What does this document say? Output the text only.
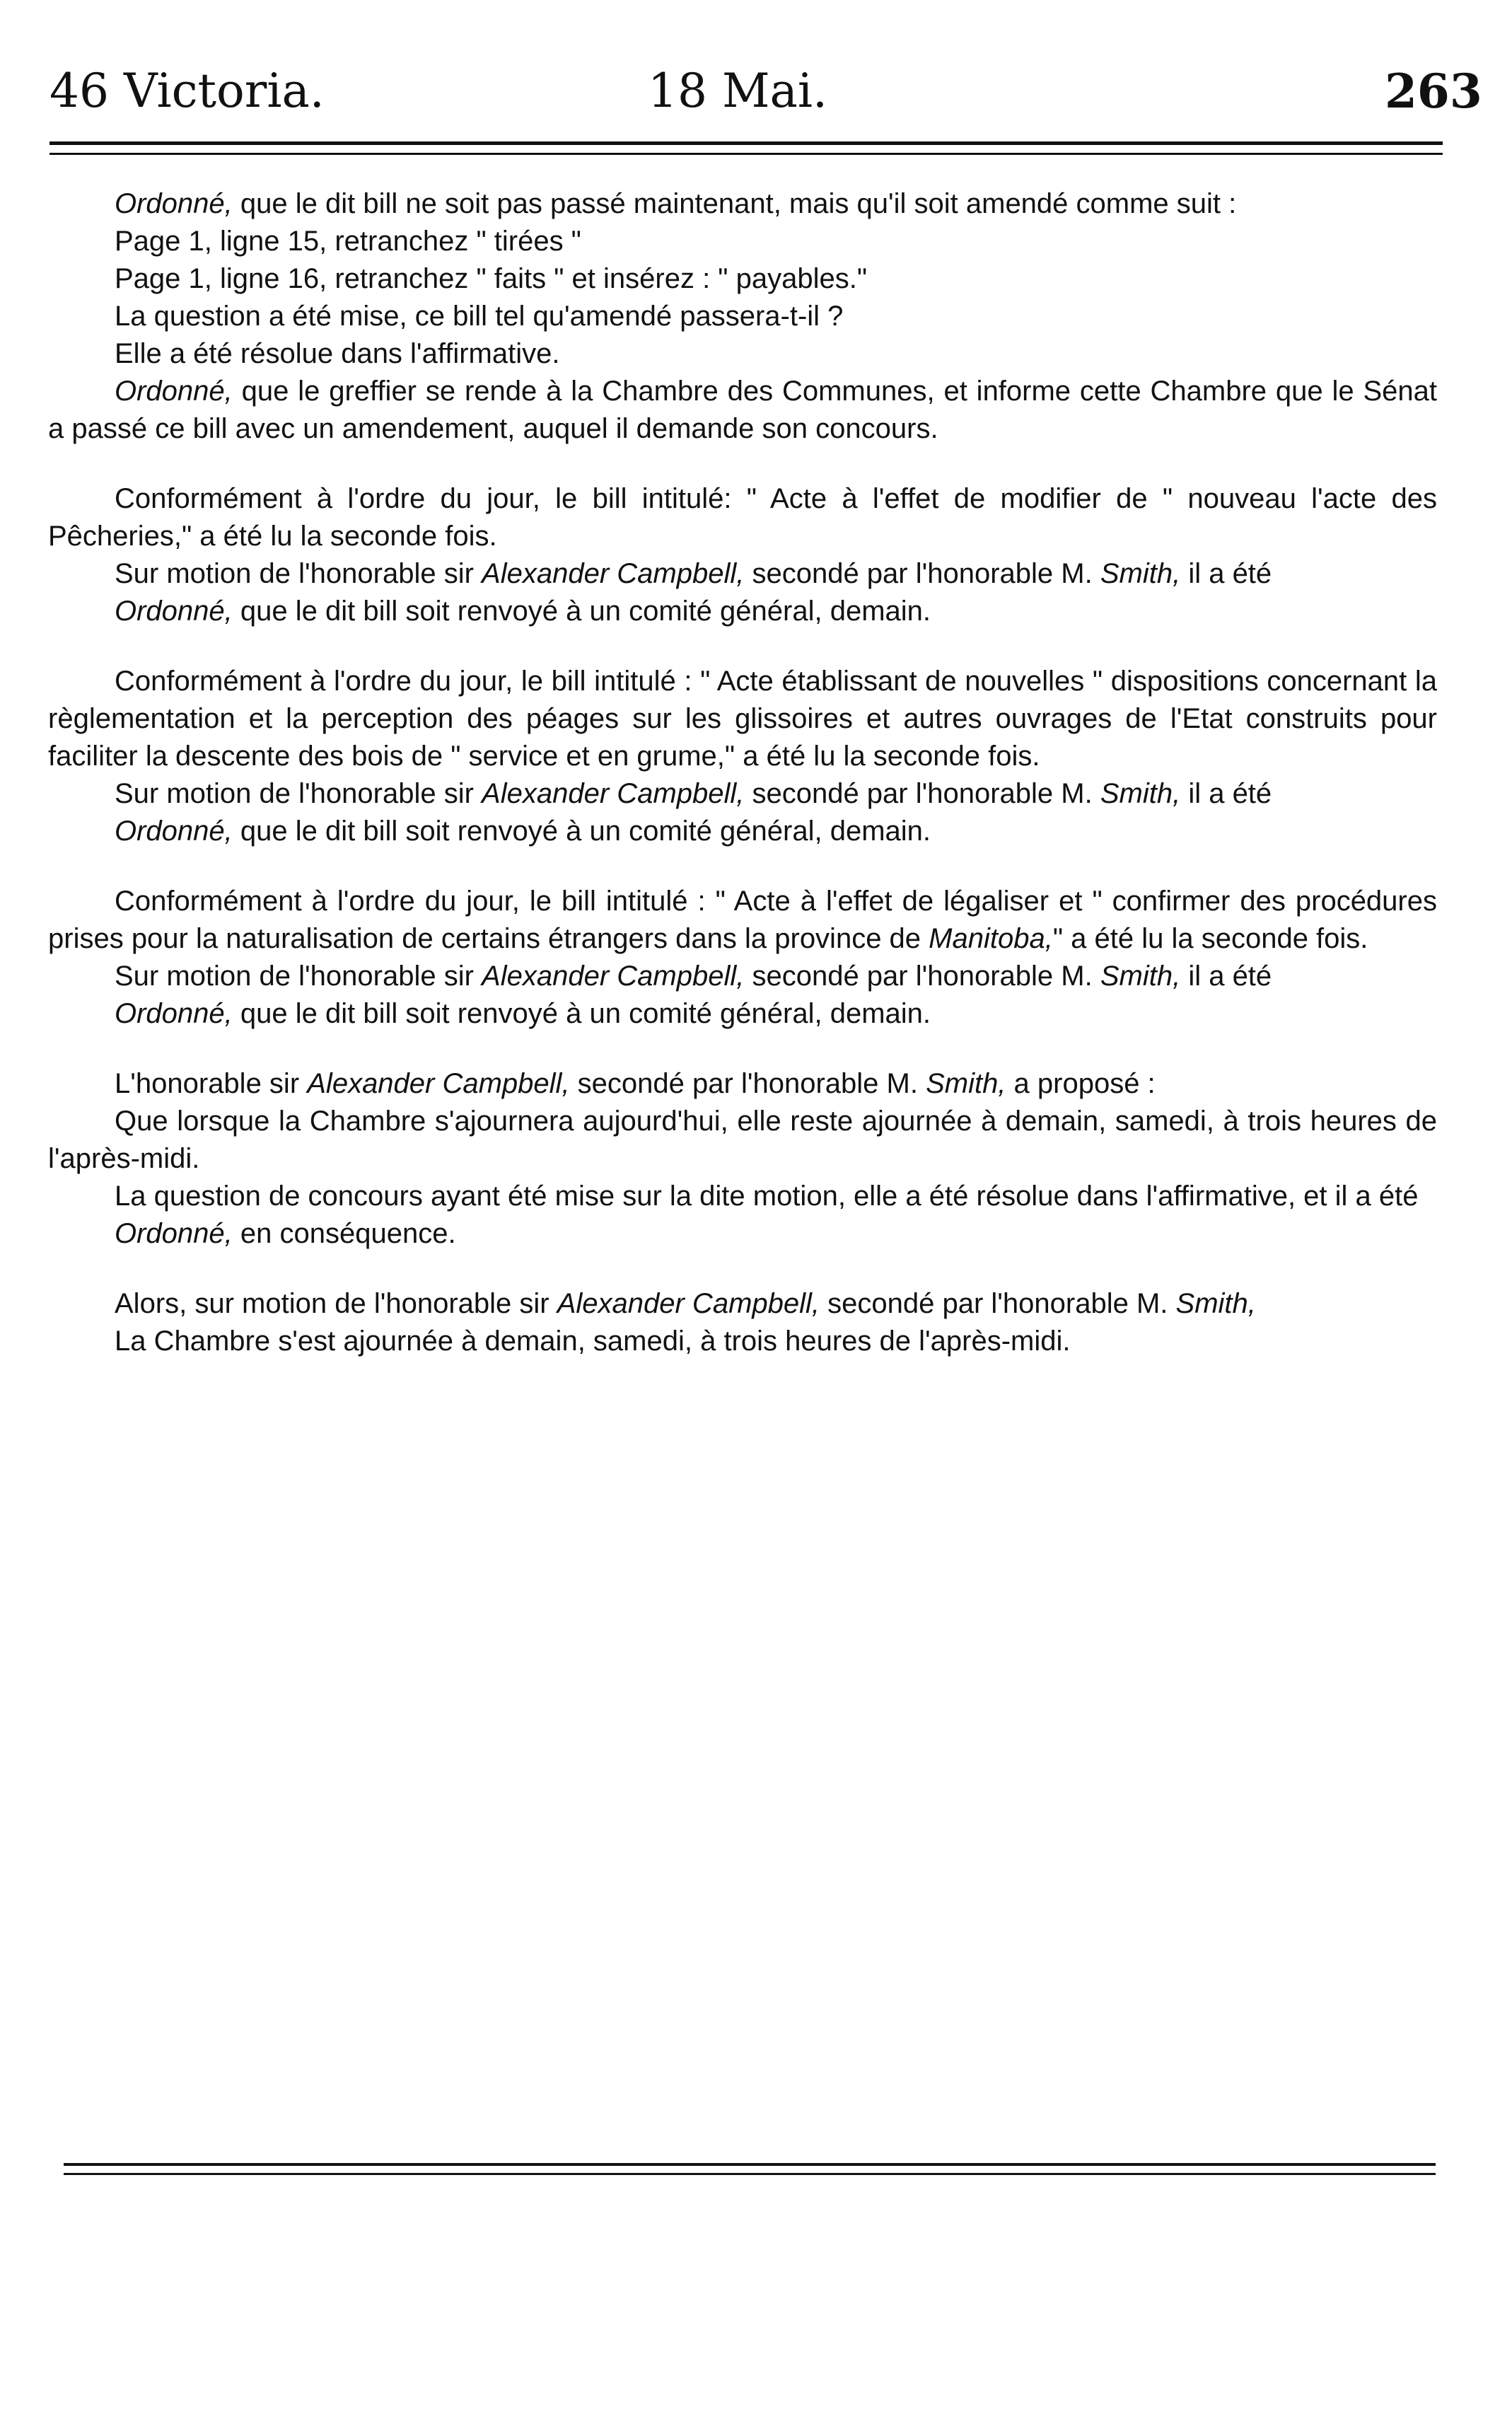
46 Victoria.	18 Mai.	263

Ordonné, que le dit bill ne soit pas passé maintenant, mais qu'il soit amendé comme suit :

Page 1, ligne 15, retranchez " tirées "

Page 1, ligne 16, retranchez " faits " et insérez : " payables."

La question a été mise, ce bill tel qu'amendé passera-t-il ?

Elle a été résolue dans l'affirmative.

Ordonné, que le greffier se rende à la Chambre des Communes, et informe cette Chambre que le Sénat a passé ce bill avec un amendement, auquel il demande son concours.

Conformément à l'ordre du jour, le bill intitulé: " Acte à l'effet de modifier de " nouveau l'acte des Pêcheries," a été lu la seconde fois.

Sur motion de l'honorable sir Alexander Campbell, secondé par l'honorable M. Smith, il a été

Ordonné, que le dit bill soit renvoyé à un comité général, demain.

Conformément à l'ordre du jour, le bill intitulé : " Acte établissant de nouvelles " dispositions concernant la règlementation et la perception des péages sur les glissoires et autres ouvrages de l'Etat construits pour faciliter la descente des bois de " service et en grume," a été lu la seconde fois.

Sur motion de l'honorable sir Alexander Campbell, secondé par l'honorable M. Smith, il a été

Ordonné, que le dit bill soit renvoyé à un comité général, demain.

Conformément à l'ordre du jour, le bill intitulé : " Acte à l'effet de légaliser et " confirmer des procédures prises pour la naturalisation de certains étrangers dans la province de Manitoba," a été lu la seconde fois.

Sur motion de l'honorable sir Alexander Campbell, secondé par l'honorable M. Smith, il a été

Ordonné, que le dit bill soit renvoyé à un comité général, demain.

L'honorable sir Alexander Campbell, secondé par l'honorable M. Smith, a proposé :

Que lorsque la Chambre s'ajournera aujourd'hui, elle reste ajournée à demain, samedi, à trois heures de l'après-midi.

La question de concours ayant été mise sur la dite motion, elle a été résolue dans l'affirmative, et il a été

Ordonné, en conséquence.

Alors, sur motion de l'honorable sir Alexander Campbell, secondé par l'honorable M. Smith,

La Chambre s'est ajournée à demain, samedi, à trois heures de l'après-midi.
